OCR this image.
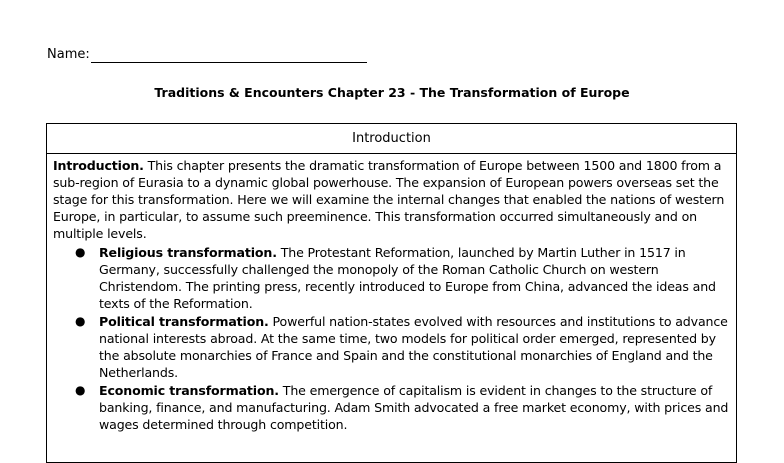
Name:
Traditions & Encounters Chapter 23 - The Transformation of Europe
Introduction

Introduction. This chapter presents the dramatic transformation of Europe between 1500 and 1800 from a sub-region of Eurasia to a dynamic global powerhouse. The expansion of European powers overseas set the stage for this transformation. Here we will examine the internal changes that enabled the nations of western Europe, in particular, to assume such preeminence. This transformation occurred simultaneously and on multiple levels.

● Religious transformation. The Protestant Reformation, launched by Martin Luther in 1517 in Germany, successfully challenged the monopoly of the Roman Catholic Church on western Christendom. The printing press, recently introduced to Europe from China, advanced the ideas and texts of the Reformation.
● Political transformation. Powerful nation-states evolved with resources and institutions to advance national interests abroad. At the same time, two models for political order emerged, represented by the absolute monarchies of France and Spain and the constitutional monarchies of England and the Netherlands.
● Economic transformation. The emergence of capitalism is evident in changes to the structure of banking, finance, and manufacturing. Adam Smith advocated a free market economy, with prices and wages determined through competition.
